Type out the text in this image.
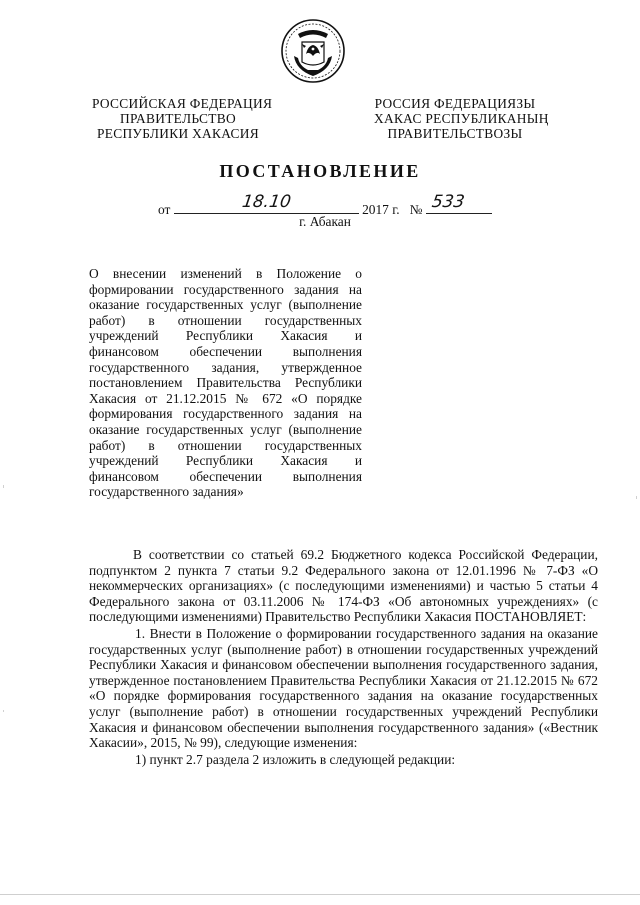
РОССИЙСКАЯ ФЕДЕРАЦИЯ
ПРАВИТЕЛЬСТВО
РЕСПУБЛИКИ ХАКАСИЯ
РОССИЯ ФЕДЕРАЦИЯЗЫ
ХАКАС РЕСПУБЛИКАНЫҢ
ПРАВИТЕЛЬСТВОЗЫ
ПОСТАНОВЛЕНИЕ
от	18.10	2017 г. № 533
г. Абакан
О внесении изменений в Положение о формировании государственного задания на оказание государственных услуг (выполнение работ) в отношении государственных учреждений Республики Хакасия и финансовом обеспечении выполнения государственного задания, утвержденное постановлением Правительства Республики Хакасия от 21.12.2015 № 672 «О порядке формирования государственного задания на оказание государственных услуг (выполнение работ) в отношении государственных учреждений Республики Хакасия и финансовом обеспечении выполнения государственного задания»

В соответствии со статьей 69.2 Бюджетного кодекса Российской Федерации, подпунктом 2 пункта 7 статьи 9.2 Федерального закона от 12.01.1996 № 7-ФЗ «О некоммерческих организациях» (с последующими изменениями) и частью 5 статьи 4 Федерального закона от 03.11.2006 № 174-ФЗ «Об автономных учреждениях» (с последующими изменениями) Правительство Республики Хакасия ПОСТАНОВЛЯЕТ:

1. Внести в Положение о формировании государственного задания на оказание государственных услуг (выполнение работ) в отношении государственных учреждений Республики Хакасия и финансовом обеспечении выполнения государственного задания, утвержденное постановлением Правительства Республики Хакасия от 21.12.2015 № 672 «О порядке формирования государственного задания на оказание государственных услуг (выполнение работ) в отношении государственных учреждений Республики Хакасия и финансовом обеспечении выполнения государственного задания» («Вестник Хакасии», 2015, № 99), следующие изменения:

1) пункт 2.7 раздела 2 изложить в следующей редакции:
